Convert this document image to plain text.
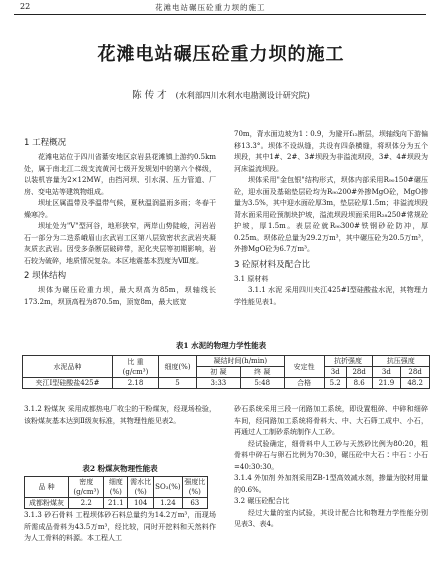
22	花滩电站碾压砼重力坝的施工
花滩电站碾压砼重力坝的施工
陈 传 才 (水利部四川水利水电勘测设计研究院)
1 工程概况

花滩电站位于四川省綦安地区京岩县花滩镇上游约0.5km处，属于南北江二级支流黄河七级开发规划中的第六个梯级，以装机容量为2×12MW，由挡河坝、引水洞、压力管道、厂房、变电站等建筑物组成。

坝址区属温带及季温带气候，夏秋温润温雨多雨；冬春干燥寒冷。

坝址处为"V"型河谷，地形狭窄，两岸山势陡峻，河岩岩石一部分为二迭系峨眉山玄武岩工区第八层致密状玄武岩夹凝灰质玄武岩。因受多条断层破碎带，泥化夹层等初期影响，岩石较为破碎，地质情况复杂。本区地震基本烈度为Ⅷ度。

2 坝体结构

坝体为碾压砼重力坝，最大坝高为85m，坝轴线长173.2m，坝顶高程为870.5m，顶宽8m，最大底宽

70m，背水面边坡为1∶0.9，为避开f₁₂断层，坝轴线向下游偏移13.3°。坝体不设纵缝，共设有四条横缝，将坝体分为五个坝段，其中1#、2#、3#坝段为非溢流坝段，3#、4#坝段为河床溢流坝段。

坝体采用"金包银"结构形式，坝体内部采用R₉₀150#碾压砼，迎水面及基础垫层砼均为R₉₀200#外掺MgO砼，MgO掺量为3.5%，其中迎水面砼厚3m，垫层砼厚1.5m；非溢流坝段背水面采用砼预制块护坡，溢流坝段坝面采用R₂₈250#常规砼护坡，厚1.5m。表层砼就R₉₀300#铁钢砂砼防冲，厚0.25m。坝体砼总量为29.2万m³，其中碾压砼为20.5万m³，外掺MgO砼为6.7万m³。

3 砼原材料及配合比
3.1 原材料

3.1.1 水泥 采用四川夹江425#Ⅰ型硅酸盐水泥，其物理力学性能见表1。

表1 水泥的物理力学性能表
水泥品种	比 重
(g/cm³)	细度(%)	凝结时间(h/min)		安定性	抗折强度		抗压强度	
			初 凝	终 凝		3d	28d	3d	28d
夹江Ⅰ型硅酸盐425#	2.18	5	3:33	5:48	合格	5.2	8.6	21.9	48.2

3.1.2 粉煤灰 采用成都热电厂收尘的干粉煤灰，经现场检验，该粉煤灰基本达到Ⅱ级灰标准，其物理性能见表2。

表2 粉煤灰物理性能表
品 种	密度(g/cm³)	细度(%)	需水比(%)	SO₃(%)	强度比(%)
成都粉煤灰	2.2	21.1	104	1.24	63

3.1.3 砂石骨料 工程坝体砂石料总量约为14.2万m³，而现场所需成品骨料为43.5万m³，经比较，同时开挖料和天然料作为人工骨料的料源。本工程人工

砂石系统采用三段一闭路加工系统，即设置粗碎、中碎和细碎车间，经同路加工系统将骨料大、中、大石筛工成中、小石，再通过人工制砂系统制作人工砂。

经试验确定，细骨料中人工砂与天然砂比例为80:20，粗骨料中碎石与卵石比例为70:30，碾压砼中大石∶中石∶小石=40:30:30。

3.1.4 外加剂 外加剂采用ZB-1型高效减水剂，掺量为胶材用量的0.6%。

3.2 碾压砼配合比

经过大量的室内试验，其设计配合比和物理力学性能分别见表3、表4。
